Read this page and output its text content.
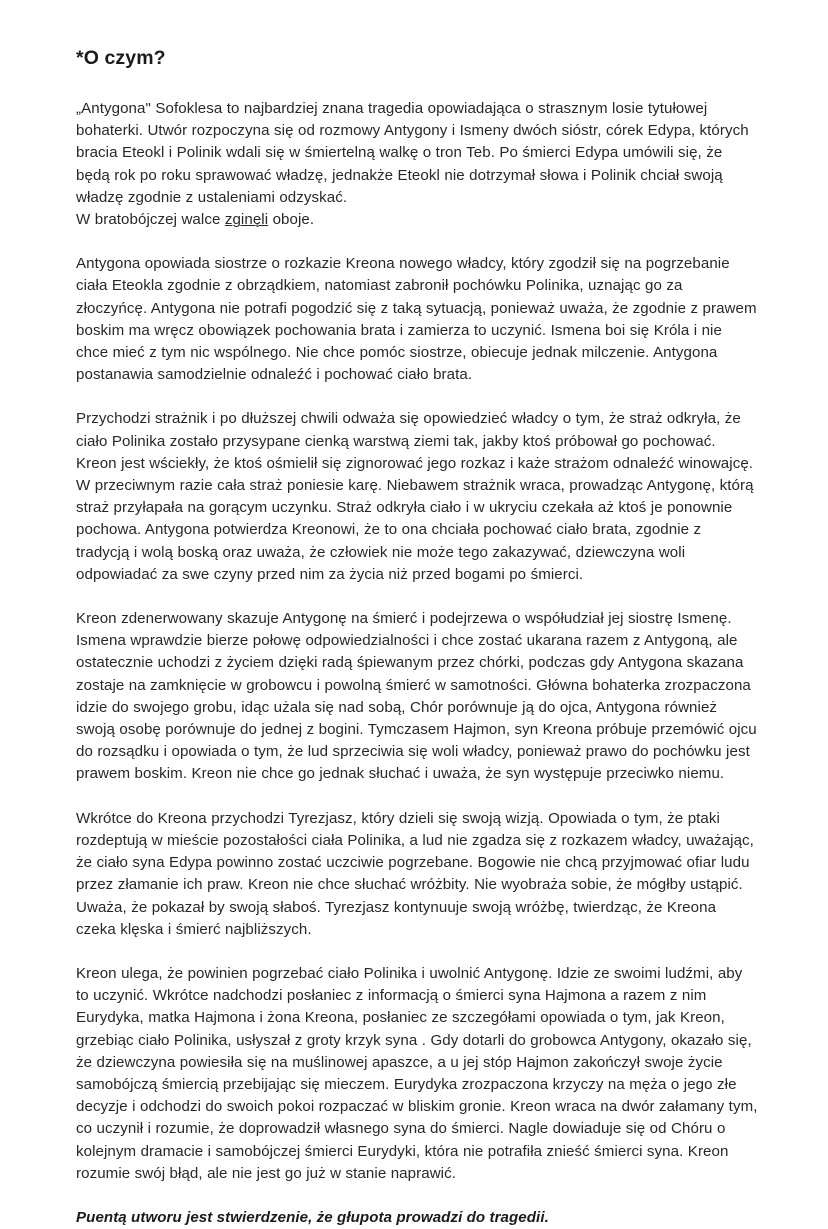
*O czym?

„Antygona" Sofoklesa to najbardziej znana tragedia opowiadająca o strasznym losie tytułowej bohaterki. Utwór rozpoczyna się od rozmowy Antygony i Ismeny dwóch sióstr, córek Edypa, których bracia Eteokl i Polinik wdali się w śmiertelną walkę o tron Teb. Po śmierci Edypa umówili się, że będą rok po roku sprawować władzę, jednakże Eteokl nie dotrzymał słowa i Polinik chciał swoją władzę zgodnie z ustaleniami odzyskać.
W bratobójczej walce zginęli oboje.

Antygona opowiada siostrze o rozkazie Kreona nowego władcy, który zgodził się na pogrzebanie ciała Eteokla zgodnie z obrządkiem, natomiast zabronił pochówku Polinika, uznając go za złoczyńcę. Antygona nie potrafi pogodzić się z taką sytuacją, ponieważ uważa, że zgodnie z prawem boskim ma wręcz obowiązek pochowania brata i zamierza to uczynić. Ismena boi się Króla i nie chce mieć z tym nic wspólnego. Nie chce pomóc siostrze, obiecuje jednak milczenie. Antygona postanawia samodzielnie odnaleźć i pochować ciało brata.

Przychodzi strażnik i po dłuższej chwili odważa się opowiedzieć władcy o tym, że straż odkryła, że ciało Polinika zostało przysypane cienką warstwą ziemi tak, jakby ktoś próbował go pochować. Kreon jest wściekły, że ktoś ośmielił się zignorować jego rozkaz i każe strażom odnaleźć winowajcę. W przeciwnym razie cała straż poniesie karę. Niebawem strażnik wraca, prowadząc Antygonę, którą straż przyłapała na gorącym uczynku. Straż odkryła ciało i w ukryciu czekała aż ktoś je ponownie pochowa. Antygona potwierdza Kreonowi, że to ona chciała pochować ciało brata, zgodnie z tradycją i wolą boską oraz uważa, że człowiek nie może tego zakazywać, dziewczyna woli odpowiadać za swe czyny przed nim za życia niż przed bogami po śmierci.

Kreon zdenerwowany skazuje Antygonę na śmierć i podejrzewa o współudział jej siostrę Ismenę. Ismena wprawdzie bierze połowę odpowiedzialności i chce zostać ukarana razem z Antygoną, ale ostatecznie uchodzi z życiem dzięki radą śpiewanym przez chórki, podczas gdy Antygona skazana zostaje na zamknięcie w grobowcu i powolną śmierć w samotności. Główna bohaterka zrozpaczona idzie do swojego grobu, idąc użala się nad sobą, Chór porównuje ją do ojca, Antygona również swoją osobę porównuje do jednej z bogini. Tymczasem Hajmon, syn Kreona próbuje przemówić ojcu do rozsądku i opowiada o tym, że lud sprzeciwia się woli władcy, ponieważ prawo do pochówku jest prawem boskim. Kreon nie chce go jednak słuchać i uważa, że syn występuje przeciwko niemu.

Wkrótce do Kreona przychodzi Tyrezjasz, który dzieli się swoją wizją. Opowiada o tym, że ptaki rozdeptują w mieście pozostałości ciała Polinika, a lud nie zgadza się z rozkazem władcy, uważając, że ciało syna Edypa powinno zostać uczciwie pogrzebane. Bogowie nie chcą przyjmować ofiar ludu przez złamanie ich praw. Kreon nie chce słuchać wróżbity. Nie wyobraża sobie, że mógłby ustąpić. Uważa, że pokazał by swoją słaboś. Tyrezjasz kontynuuje swoją wróżbę, twierdząc, że Kreona czeka klęska i śmierć najbliższych.

Kreon ulega, że powinien pogrzebać ciało Polinika i uwolnić Antygonę. Idzie ze swoimi ludźmi, aby to uczynić. Wkrótce nadchodzi posłaniec z informacją o śmierci syna Hajmona a razem z nim Eurydyka, matka Hajmona i żona Kreona, posłaniec ze szczegółami opowiada o tym, jak Kreon, grzebiąc ciało Polinika, usłyszał z groty krzyk syna . Gdy dotarli do grobowca Antygony, okazało się, że dziewczyna powiesiła się na muślinowej apaszce, a u jej stóp Hajmon zakończył swoje życie samobójczą śmiercią przebijając się mieczem. Eurydyka zrozpaczona krzyczy na męża o jego złe decyzje i odchodzi do swoich pokoi rozpaczać w bliskim gronie. Kreon wraca na dwór załamany tym, co uczynił i rozumie, że doprowadził własnego syna do śmierci. Nagle dowiaduje się od Chóru o kolejnym dramacie i samobójczej śmierci Eurydyki, która nie potrafiła znieść śmierci syna. Kreon rozumie swój błąd, ale nie jest go już w stanie naprawić.

Puentą utworu jest stwierdzenie, że głupota prowadzi do tragedii.
